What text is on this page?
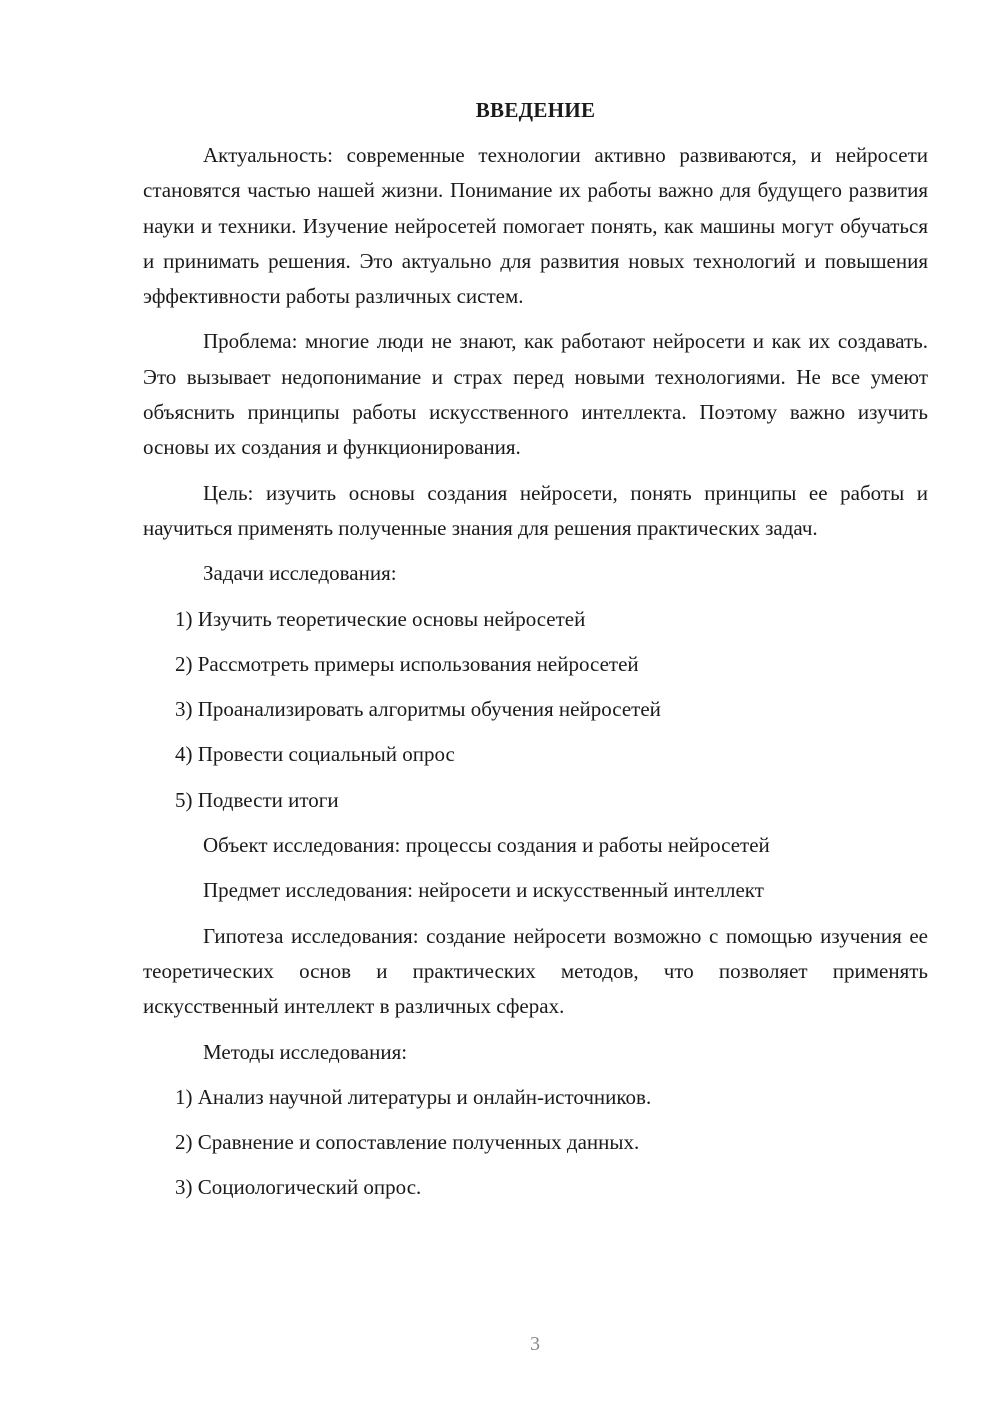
ВВЕДЕНИЕ

Актуальность: современные технологии активно развиваются, и нейросети становятся частью нашей жизни. Понимание их работы важно для будущего развития науки и техники. Изучение нейросетей помогает понять, как машины могут обучаться и принимать решения. Это актуально для развития новых технологий и повышения эффективности работы различных систем.

Проблема: многие люди не знают, как работают нейросети и как их создавать. Это вызывает недопонимание и страх перед новыми технологиями. Не все умеют объяснить принципы работы искусственного интеллекта. Поэтому важно изучить основы их создания и функционирования.

Цель: изучить основы создания нейросети, понять принципы ее работы и научиться применять полученные знания для решения практических задач.

Задачи исследования:

1) Изучить теоретические основы нейросетей
2) Рассмотреть примеры использования нейросетей
3) Проанализировать алгоритмы обучения нейросетей
4) Провести социальный опрос
5) Подвести итоги

Объект исследования: процессы создания и работы нейросетей

Предмет исследования: нейросети и искусственный интеллект

Гипотеза исследования: создание нейросети возможно с помощью изучения ее теоретических основ и практических методов, что позволяет применять искусственный интеллект в различных сферах.

Методы исследования:

1) Анализ научной литературы и онлайн-источников.
2) Сравнение и сопоставление полученных данных.
3) Социологический опрос.
3
